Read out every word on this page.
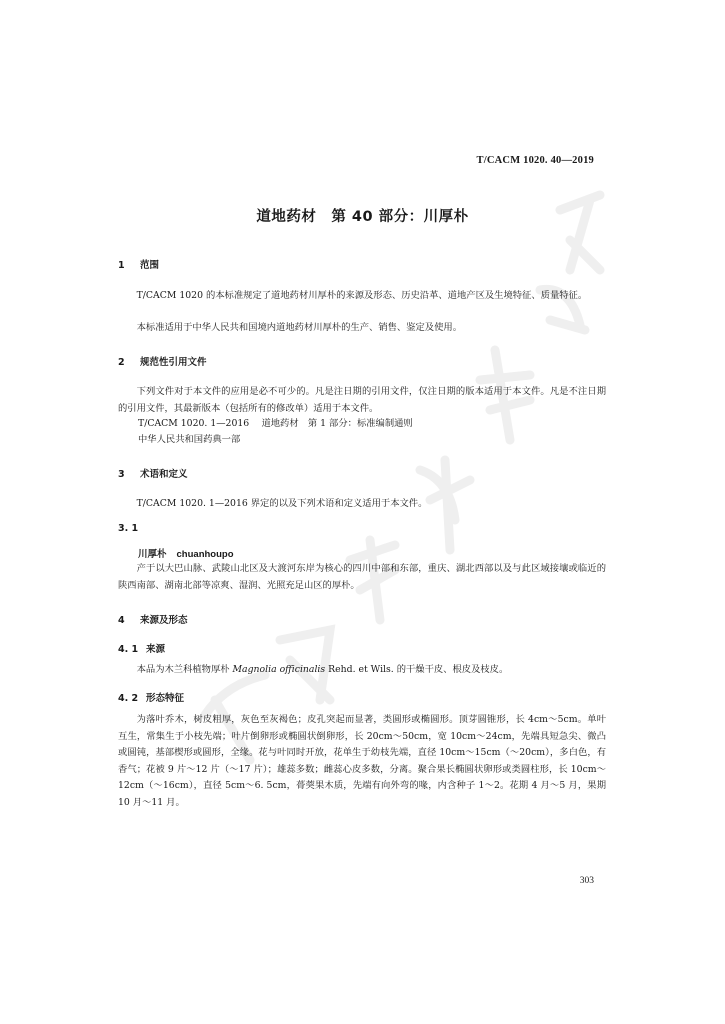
T/CACM 1020. 40—2019
道地药材　第 40 部分：川厚朴
1 范围

T/CACM 1020 的本标准规定了道地药材川厚朴的来源及形态、历史沿革、道地产区及生境特征、质量特征。

本标准适用于中华人民共和国境内道地药材川厚朴的生产、销售、鉴定及使用。

2 规范性引用文件

下列文件对于本文件的应用是必不可少的。凡是注日期的引用文件，仅注日期的版本适用于本文件。凡是不注日期的引用文件，其最新版本（包括所有的修改单）适用于本文件。

T/CACM 1020. 1—2016　 道地药材　第 1 部分：标准编制通则
中华人民共和国药典一部
3 术语和定义

T/CACM 1020. 1—2016 界定的以及下列术语和定义适用于本文件。

3. 1
川厚朴 chuanhoupo

产于以大巴山脉、武陵山北区及大渡河东岸为核心的四川中部和东部，重庆、湖北西部以及与此区域接壤或临近的陕西南部、湖南北部等凉爽、湿润、光照充足山区的厚朴。

4 来源及形态
4. 1 来源

本品为木兰科植物厚朴 Magnolia officinalis Rehd. et Wils. 的干燥干皮、根皮及枝皮。

4. 2 形态特征

为落叶乔木，树皮粗厚，灰色至灰褐色；皮孔突起而显著，类圆形或椭圆形。顶芽圆锥形，长 4cm～5cm。单叶互生，常集生于小枝先端；叶片倒卵形或椭圆状倒卵形，长 20cm～50cm，宽 10cm～24cm，先端具短急尖、微凸或圆钝，基部楔形或圆形，全缘。花与叶同时开放，花单生于幼枝先端，直径 10cm～15cm（～20cm），多白色，有香气；花被 9 片～12 片（～17 片）；雄蕊多数；雌蕊心皮多数，分离。聚合果长椭圆状卵形或类圆柱形，长 10cm～12cm（～16cm），直径 5cm～6. 5cm，蓇葖果木质，先端有向外弯的喙，内含种子 1～2。花期 4 月～5 月，果期 10 月～11 月。

303
